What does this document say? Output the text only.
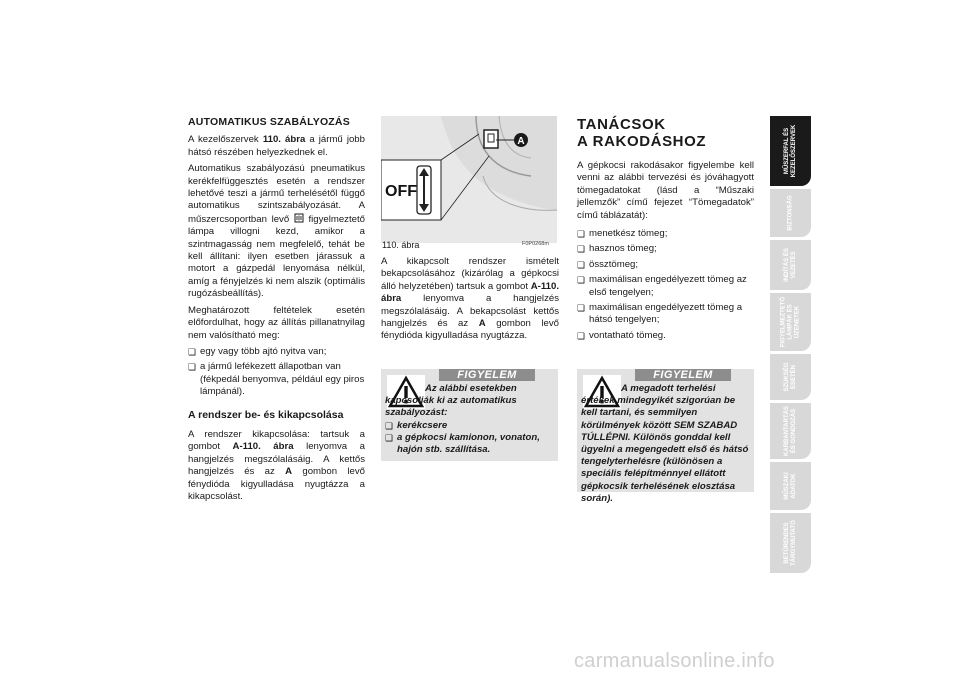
AUTOMATIKUS SZABÁLYOZÁS

A kezelőszervek 110. ábra a jármű jobb hátsó részében helyezkednek el.

Automatikus szabályozású pneumatikus kerékfelfüggesztés esetén a rendszer lehetővé teszi a jármű terhelésétől függő automatikus szintszabályozását. A műszercsoportban levő  figyelmeztető lámpa villogni kezd, amikor a szintmagasság nem megfelelő, tehát be kell állítani: ilyen esetben járassuk a motort a gázpedál lenyomása nélkül, amíg a fényjelzés ki nem alszik (optimális rugózásbeállítás).

Meghatározott feltételek esetén előfordulhat, hogy az állítás pillanatnyilag nem valósítható meg:

❏ egy vagy több ajtó nyitva van;
❏ a jármű lefékezett állapotban van (fékpedál benyomva, például egy piros lámpánál).
A rendszer be- és kikapcsolása

A rendszer kikapcsolása: tartsuk a gombot A-110. ábra lenyomva a hangjelzés megszólalásáig. A kettős hangjelzés és az A gombon levő fénydióda kigyulladása nyugtázza a kikapcsolást.

A
OFF
110. ábra	F0P0268m

A kikapcsolt rendszer ismételt bekapcsolásához (kizárólag a gépkocsi álló helyzetében) tartsuk a gombot A-110. ábra lenyomva a hangjelzés megszólalásáig. A bekapcsolást kettős hangjelzés és az A gombon levő fénydióda kigyulladása nyugtázza.

FIGYELEM
Az alábbi esetekben kapcsolják ki az automatikus szabályozást:
❏ kerékcsere
❏ a gépkocsi kamionon, vonaton, hajón stb. szállítása.
TANÁCSOK
A RAKODÁSHOZ

A gépkocsi rakodásakor figyelembe kell venni az alábbi tervezési és jóváhagyott tömegadatokat (lásd a “Műszaki jellemzők” című fejezet “Tömegadatok” című táblázatát):

❏ menetkész tömeg;
❏ hasznos tömeg;
❏ össztömeg;
❏ maximálisan engedélyezett tömeg az első tengelyen;
❏ maximálisan engedélyezett tömeg a hátsó tengelyen;
❏ vontatható tömeg.
FIGYELEM
A megadott terhelési értékek mindegyikét szigorúan be kell tartani, és semmilyen körülmények között SEM SZABAD TÚLLÉPNI. Különös gonddal kell ügyelni a megengedett első és hátsó tengelyterhelésre (különösen a speciális felépítménnyel ellátott gépkocsik terhelésének elosztása során).
carmanualsonline.info
MŰSZERFAL ÉS
KEZELŐSZERVEK
BIZTONSÁG
INDÍTÁS ÉS
VEZETÉS
FIGYELMEZTETŐ
LÁMPÁK ÉS
ÜZENETEK
SZÜKSÉG
ESETÉN
KARBANTARTÁS
ÉS GONDOZÁS
MŰSZAKI
ADATOK
BETŰRENDES
TÁRGYMUTATÓ
